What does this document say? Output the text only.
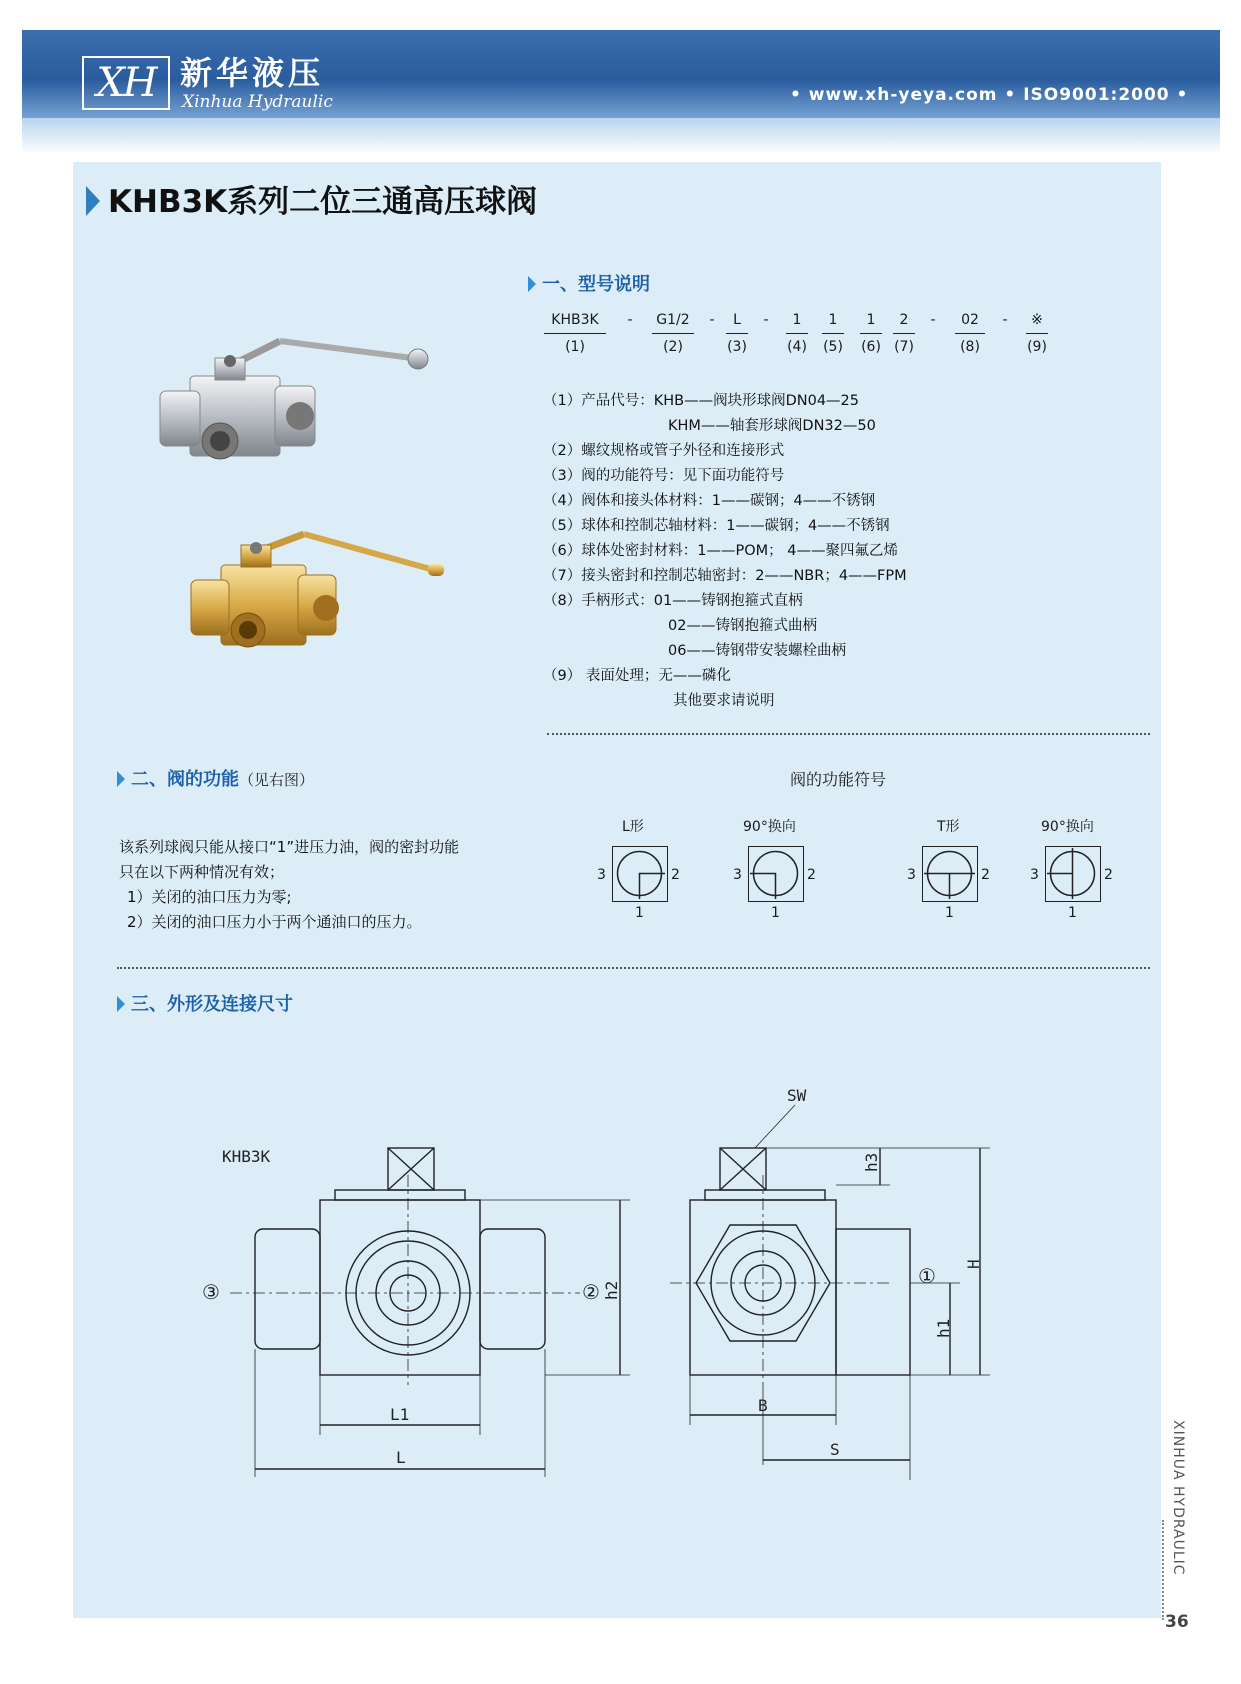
XH 新华液压
Xinhua Hydraulic	• www.xh-yeya.com • ISO9001:2000 •
KHB3K系列二位三通高压球阀
一、型号说明
KHB3K	-	G1/2	-	L	-	1	1	1	2	-	02	-	※
(1)	(2)	(3)	(4)	(5)	(6) (7)	(8)	(9)
（1）产品代号：KHB——阀块形球阀DN04—25
KHM——轴套形球阀DN32—50
（2）螺纹规格或管子外径和连接形式
（3）阀的功能符号：见下面功能符号
（4）阀体和接头体材料：1——碳钢；4——不锈钢
（5）球体和控制芯轴材料：1——碳钢；4——不锈钢
（6）球体处密封材料：1——POM； 4——聚四氟乙烯
（7）接头密封和控制芯轴密封：2——NBR；4——FPM
（8）手柄形式：01——铸钢抱箍式直柄
02——铸钢抱箍式曲柄
06——铸钢带安装螺栓曲柄
（9） 表面处理；无——磷化
其他要求请说明
二、阀的功能（见右图）
该系列球阀只能从接口“1”进压力油，阀的密封功能
只在以下两种情况有效；
1）关闭的油口压力为零;
2）关闭的油口压力小于两个通油口的压力。
阀的功能符号
L形
3	2
1
90°换向
3	2
1
T形
3	2
1
90°换向
3	2
1
三、外形及连接尺寸
KHB3K
L1
L
h2
③	②
SW
h3
h1
H
①
B
S	XINHUA HYDRAULIC
36
